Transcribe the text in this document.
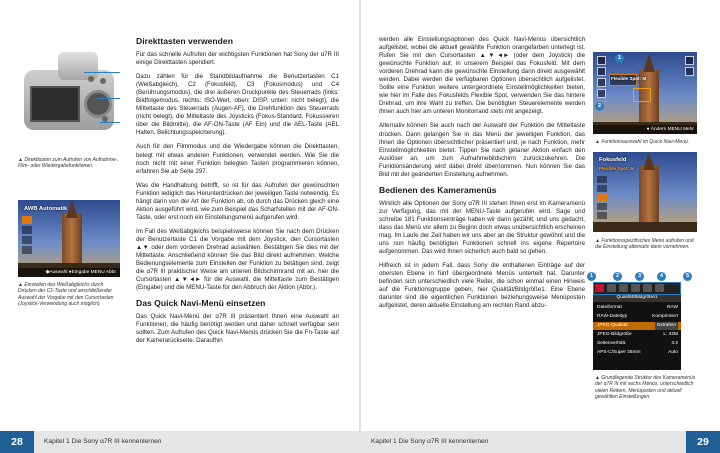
▲ Direkttasten zum Aufrufen von Aufnahme-, Film- oder Wiedergabefunktionen.
AWB Automatik
◆Auswahl ●Eingabe MENU Abbr.
▲ Einstellen des Weißabgleichs durch Drücken der C1-Taste und anschließender Auswahl der Vorgabe mit den Cursortasten (Joystick-Verwendung auch möglich).
Direkttasten verwenden

Für das schnelle Aufrufen der wichtigsten Funktionen hat Sony der α7R III einige Direkttasten spendiert.

Dazu zählen für die Standbildaufnahme die Benutzertasten C1 (Weißabgleich), C2 (Fokusfeld), C3 (Fokusmodus) und C4 (Berührungsmodus), die drei äußeren Druckpunkte des Steuerrads (links: Bildfolgemodus, rechts: ISO-Wert, oben: DISP, unten: nicht belegt), die Mitteltaste des Steuerrads (Augen-AF), die Drehfunktion des Steuerrads (nicht belegt), die Mitteltaste des Joysticks (Fokus-Standard, Fokussieren über die Bildmitte), die AF-ON-Taste (AF Ein) und die AEL-Taste (AEL Halten, Belichtungsspeicherung).

Auch für den Filmmodus und die Wiedergabe können die Direkttasten, belegt mit etwas anderen Funktionen, verwendet werden. Wie Sie die noch nicht mit einer Funktion belegten Tasten programmieren können, erfahren Sie ab Seite 297.

Was die Handhabung betrifft, so ist für das Aufrufen der gewünschten Funktion lediglich das Herunterdrücken der jeweiligen Taste notwendig. Es hängt dann von der Art der Funktion ab, ob durch das Drücken gleich eine Aktion ausgeführt wird, wie zum Beispiel das Scharfstellen mit der AF-ON-Taste, oder erst noch ein Einstellungsmenü aufgerufen wird.

Im Fall des Weißabgleichs beispielsweise können Sie nach dem Drücken der Benutzertaste C1 die Vorgabe mit dem Joystick, den Cursortasten ▲▼ oder dem vorderen Drehrad auswählen. Bestätigen Sie dies mit der Mitteltaste. Anschließend können Sie das Bild direkt aufnehmen. Welche Bedienungselemente zum Einstellen der Funktion zu betätigen sind, zeigt die α7R III praktischer Weise am unteren Bildschirmrand mit an, hier die Cursortasten ▲▼◄► für die Auswahl, die Mitteltaste zum Bestätigen (Eingabe) und die MENU-Taste für den Abbruch der Aktion (Abbr.).

Das Quick Navi-Menü einsetzen

Das Quick Navi-Menü der α7R III präsentiert Ihnen eine Auswahl an Funktionen, die häufig benötigt werden und daher schnell verfügbar sein sollten. Zum Aufrufen des Quick Navi-Menüs drücken Sie die Fn-Taste auf der Kamerarückseite. Daraufhin

28	Kapitel 1 Die Sony α7R III kennenlernen

werden alle Einstellungsoptionen des Quick Navi-Menüs übersichtlich aufgelistet, wobei die aktuell gewählte Funktion orangefarben unterlegt ist. Rufen Sie mit den Cursortasten ▲▼◄► (oder dem Joystick) die gewünschte Funktion auf, in unserem Beispiel das Fokusfeld. Mit dem vorderen Drehrad kann die gewünschte Einstellung dann direkt ausgewählt werden. Dabei werden die verfügbaren Optionen übersichtlich aufgelistet. Sollte eine Funktion weitere untergeordnete Einstellmöglichkeiten bieten, wie hier im Falle des Fokusfelds Flexible Spot, verwenden Sie das hintere Drehrad, um ihre Wahl zu treffen. Die benötigten Steuerelemente werden Ihnen auch hier am unteren Monitorrand stets mit angezeigt.

Alternativ können Sie auch nach der Auswahl der Funktion die Mitteltaste drücken. Dann gelangen Sie in das Menü der jeweiligen Funktion, das Ihnen die Optionen übersichtlicher präsentiert und, je nach Funktion, mehr Einstellmöglichkeiten bietet. Tippen Sie nach getaner Aktion einfach den Auslöser an, um zum Aufnahmebildschirm zurückzukehren. Die Funktionsänderung wird dabei direkt übernommen. Nun können Sie das Bild mit der geänderten Einstellung aufnehmen.

Bedienen des Kameramenüs

Wirklich alle Optionen der Sony α7R III stehen Ihnen erst im Kameramenü zur Verfügung, das mit der MENU-Taste aufgerufen wird. Sage und schreibe 181 Funktionseinträge haben wir darin gezählt, und uns gedacht, dass das Menü vor allem zu Beginn doch etwas unübersichtlich erscheinen mag. Im Laufe der Zeit haben wir uns aber an die Struktur gewöhnt und die uns nun häufig benötigten Funktionen schnell ins eigene Repertoire aufgenommen. Das wird Ihnen sicherlich auch bald so gehen.

Hilfreich ist in jedem Fall, dass Sony die enthaltenen Einträge auf der obersten Ebene in fünf übergeordnete Menüs unterteilt hat. Darunter befinden sich unterschiedlich viele Reiter, die schon einmal einen Hinweis auf die Funktionsgruppe geben, hier Qualität/Bildgröße1. Eine Ebene darunter sind die eigentlichen Funktionen beziehungsweise Menüposten aufgelistet, deren aktuelle Einstellung am rechten Rand abzu-

Flexible Spot: M
● Ändern MENU Mehr
1
2
▲ Funktionsauswahl im Quick Navi-Menü.
Fokusfeld
Flexible Spot: M
▲ Funktionsspezifisches Menü aufrufen und die Einstellung alternativ darin vornehmen.
Qualität/Bildgröße1
Dateiformat	RAW
RAW-Dateityp	Komprimiert
JPEG-Qualität	Extrafein
JPEG-Bildgröße	L: 42M
Seitenverhält.	3:2
APS-C/Super 35mm	Auto
1	2	3	4	5
▲ Grundlegende Struktur des Kameramenüs der α7R III mit sechs Menüs, unterschiedlich vielen Reitern, Menüposten und aktuell gewählten Einstellungen
Kapitel 1 Die Sony α7R III kennenlernen	29
